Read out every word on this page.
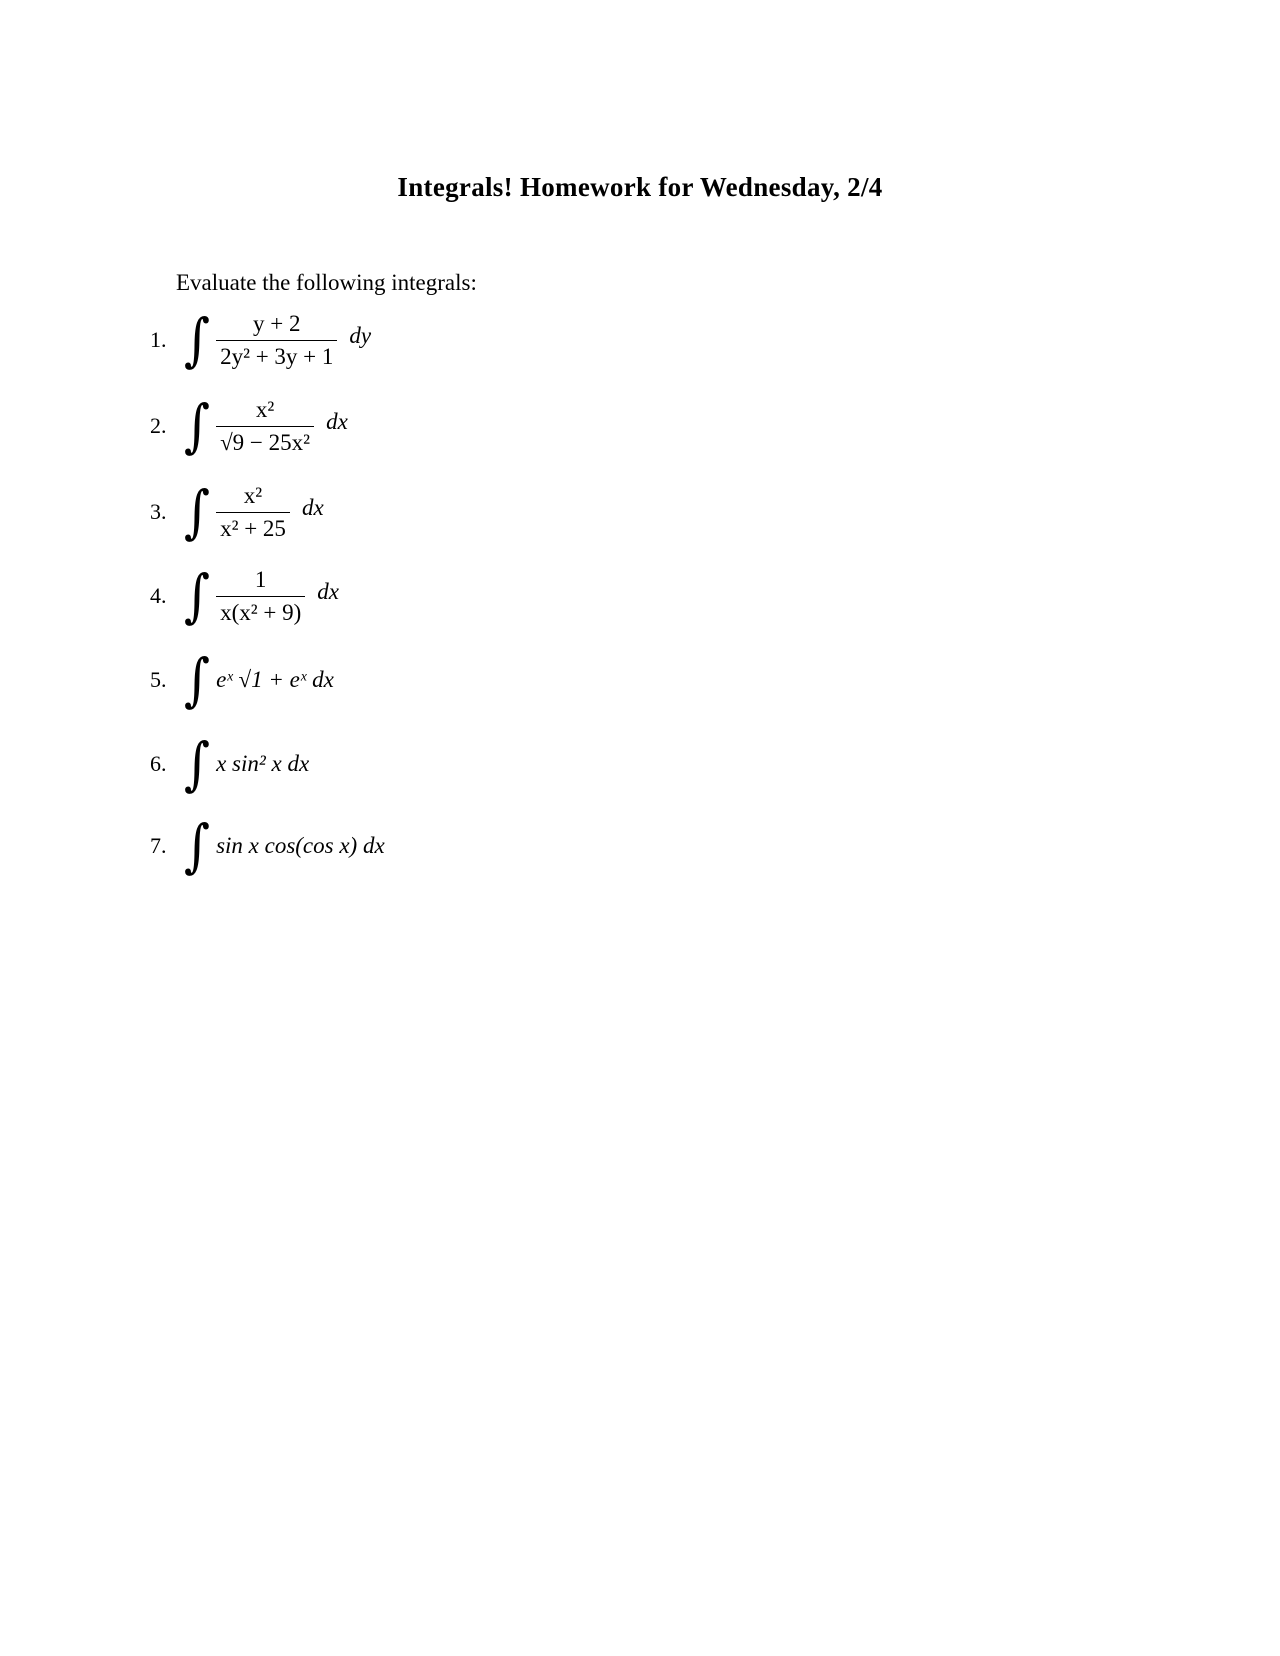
Integrals! Homework for Wednesday, 2/4
Evaluate the following integrals:
1. ∫ $\frac{y + 2}{\text{2y² + 3y + 1}}$ dy
2. ∫ $\frac{\text{x²}}{\text{√9 − 25x²}}$ dx
3. ∫ $\frac{\text{x²}}{\text{x² + 25}}$ dx
4. ∫ $\frac{1}{\text{x(x² + 9)}}$ dx
5. ∫ eˣ √1 + eˣ dx
6. ∫ x sin² x dx
7. ∫ sin x cos(cos x) dx
